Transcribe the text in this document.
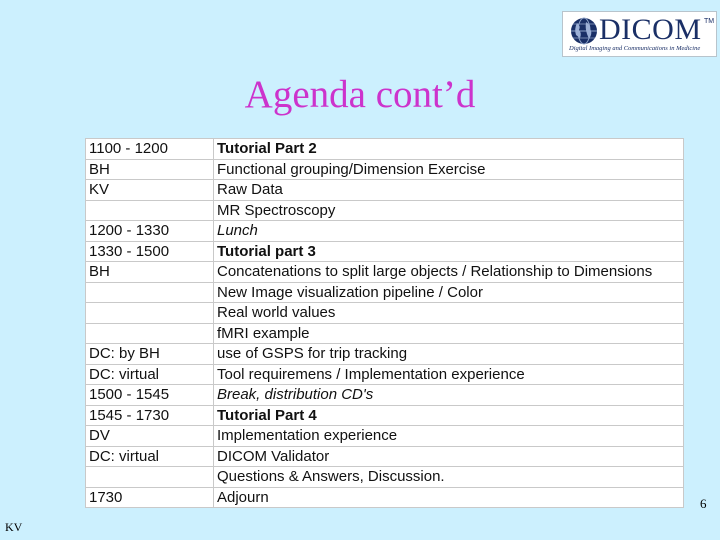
DICOM TM
Digital Imaging and Communications in Medicine
Agenda cont’d
1100 - 1200	Tutorial Part 2
BH	Functional grouping/Dimension Exercise
KV	Raw Data
	MR Spectroscopy
1200 - 1330	Lunch
1330 - 1500	Tutorial part 3
BH	Concatenations to split large objects / Relationship to Dimensions
	New Image visualization pipeline / Color
	Real world values
	fMRI example
DC: by BH	use of GSPS for trip tracking
DC: virtual	Tool requiremens / Implementation experience
1500 - 1545	Break, distribution CD's
1545 - 1730	Tutorial Part 4
DV	Implementation experience
DC: virtual	DICOM Validator
	Questions & Answers, Discussion.
1730	Adjourn	6
KV
